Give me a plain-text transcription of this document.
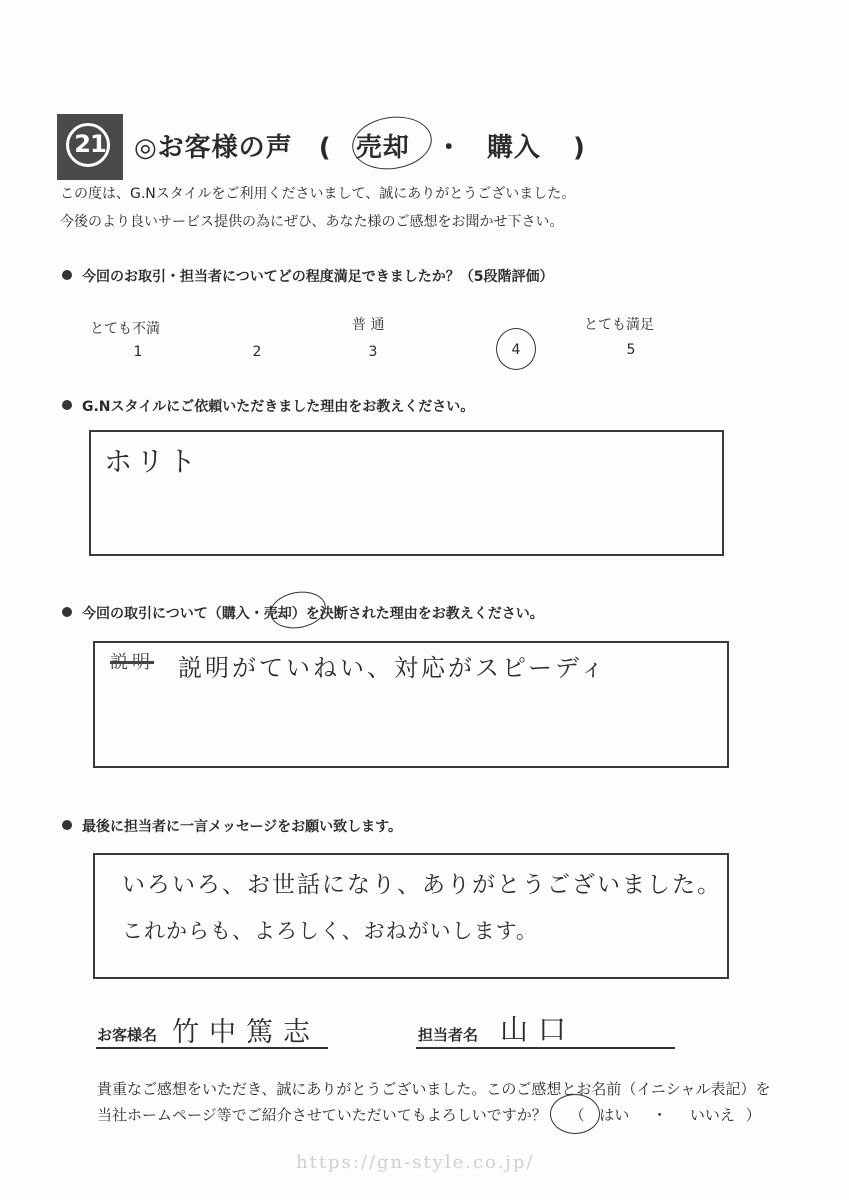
21	◎お客様の声 ( 売却 ・ 購入 )
この度は、G.Nスタイルをご利用くださいまして、誠にありがとうございました。
今後のより良いサービス提供の為にぜひ、あなた様のご感想をお聞かせ下さい。
今回のお取引・担当者についてどの程度満足できましたか？（5段階評価）
とても不満	普 通	とても満足
1	2	3	4	5
G.Nスタイルにご依頼いただきました理由をお教えください。
ホリト
今回の取引について（購入・売却）を決断された理由をお教えください。
説明 説明がていねい、対応がスピーディ
最後に担当者に一言メッセージをお願い致します。
いろいろ、お世話になり、ありがとうございました。
これからも、よろしく、おねがいします。
お客様名 竹中篤志	担当者名 山口
貴重なご感想をいただき、誠にありがとうございました。このご感想とお名前（イニシャル表記）を
当社ホームページ等でご紹介させていただいてもよろしいですか？ （ はい ・ いいえ ）
https://gn-style.co.jp/
